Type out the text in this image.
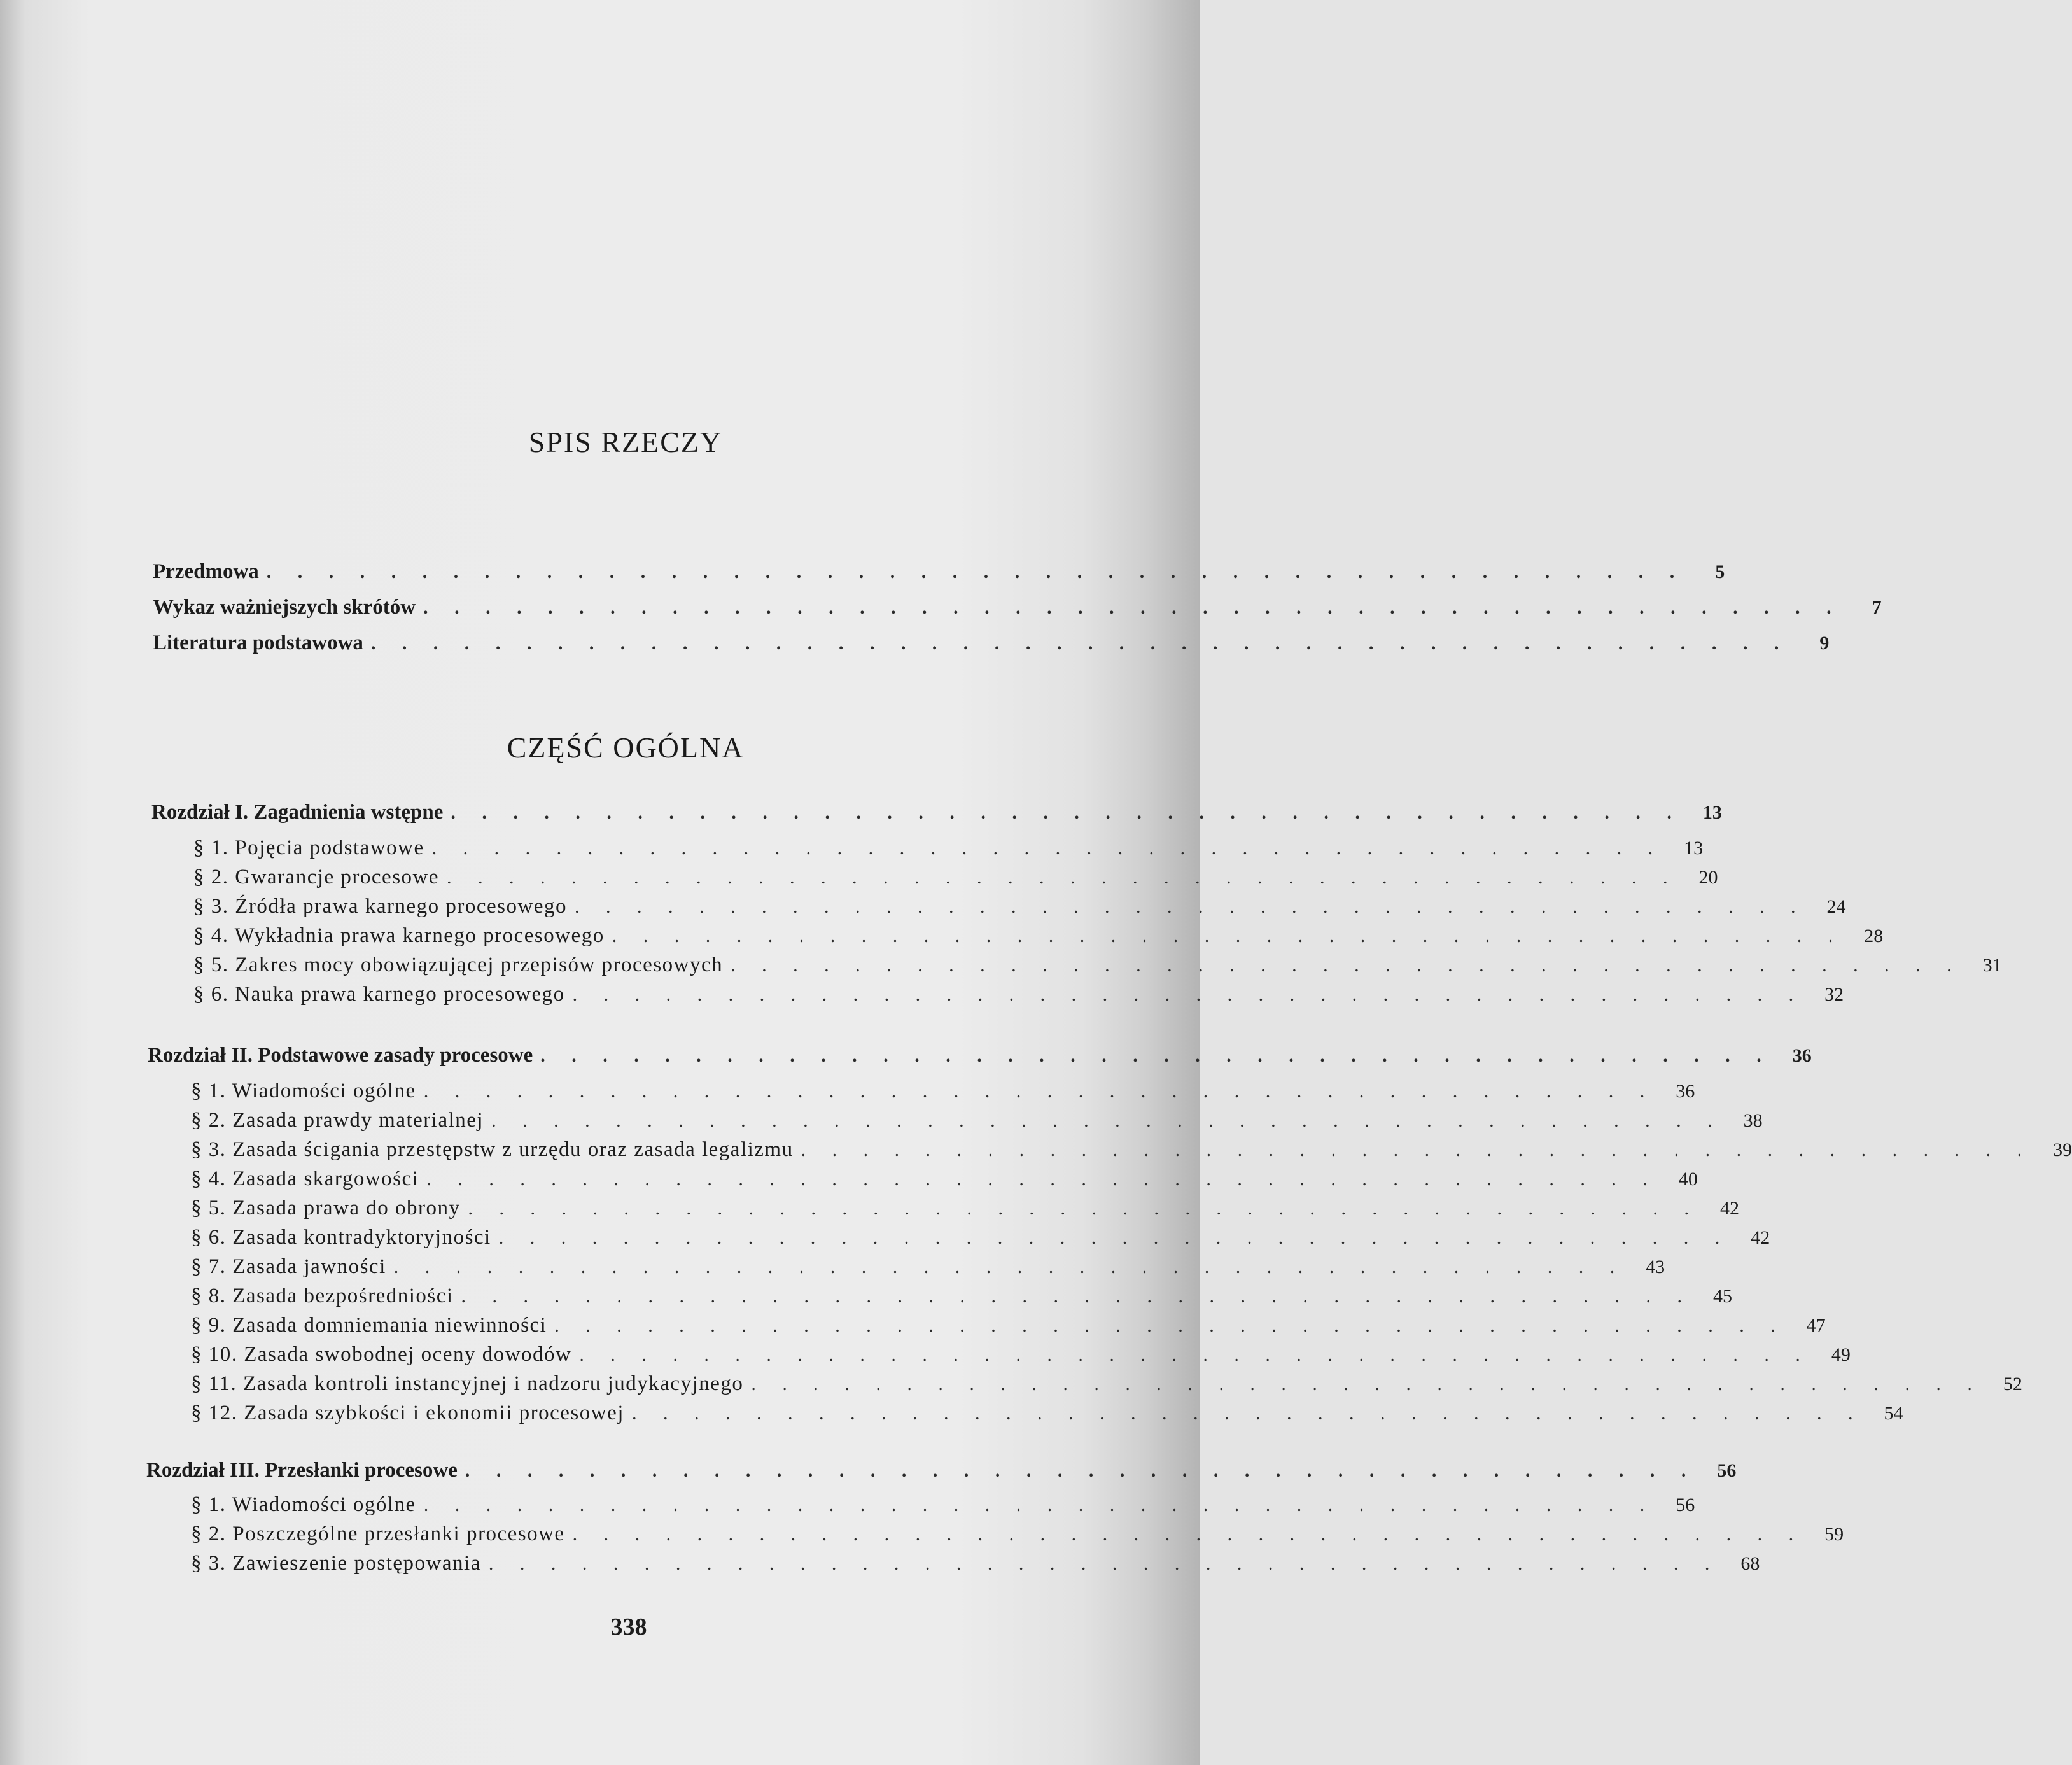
SPIS RZECZY
Przedmowa . . . . . . . . . . . . . . . . . . . . . . . . . . . . . . . . . . . . . . . . . . . . . .	5
Wykaz ważniejszych skrótów . . . . . . . . . . . . . . . . . . . . . . . . . . . . . . . . . . . . . . . . . . . . . .	7
Literatura podstawowa . . . . . . . . . . . . . . . . . . . . . . . . . . . . . . . . . . . . . . . . . . . . . .	9
CZĘŚĆ OGÓLNA
Rozdział I. Zagadnienia wstępne . . . . . . . . . . . . . . . . . . . . . . . . . . . . . . . . . . . . . . . .	13
§ 1. Pojęcia podstawowe . . . . . . . . . . . . . . . . . . . . . . . . . . . . . . . . . . . . . . . .	13
§ 2. Gwarancje procesowe . . . . . . . . . . . . . . . . . . . . . . . . . . . . . . . . . . . . . . . .	20
§ 3. Źródła prawa karnego procesowego . . . . . . . . . . . . . . . . . . . . . . . . . . . . . . . . . . . . . . . .	24
§ 4. Wykładnia prawa karnego procesowego . . . . . . . . . . . . . . . . . . . . . . . . . . . . . . . . . . . . . . . .	28
§ 5. Zakres mocy obowiązującej przepisów procesowych . . . . . . . . . . . . . . . . . . . . . . . . . . . . . . . . . . . . . . . .	31
§ 6. Nauka prawa karnego procesowego . . . . . . . . . . . . . . . . . . . . . . . . . . . . . . . . . . . . . . . .	32
Rozdział II. Podstawowe zasady procesowe . . . . . . . . . . . . . . . . . . . . . . . . . . . . . . . . . . . . . . . .	36
§ 1. Wiadomości ogólne . . . . . . . . . . . . . . . . . . . . . . . . . . . . . . . . . . . . . . . .	36
§ 2. Zasada prawdy materialnej . . . . . . . . . . . . . . . . . . . . . . . . . . . . . . . . . . . . . . . .	38
§ 3. Zasada ścigania przestępstw z urzędu oraz zasada legalizmu . . . . . . . . . . . . . . . . . . . . . . . . . . . . . . . . . . . . . . . .	39
§ 4. Zasada skargowości . . . . . . . . . . . . . . . . . . . . . . . . . . . . . . . . . . . . . . . .	40
§ 5. Zasada prawa do obrony . . . . . . . . . . . . . . . . . . . . . . . . . . . . . . . . . . . . . . . .	42
§ 6. Zasada kontradyktoryjności . . . . . . . . . . . . . . . . . . . . . . . . . . . . . . . . . . . . . . . .	42
§ 7. Zasada jawności . . . . . . . . . . . . . . . . . . . . . . . . . . . . . . . . . . . . . . . .	43
§ 8. Zasada bezpośredniości . . . . . . . . . . . . . . . . . . . . . . . . . . . . . . . . . . . . . . . .	45
§ 9. Zasada domniemania niewinności . . . . . . . . . . . . . . . . . . . . . . . . . . . . . . . . . . . . . . . .	47
§ 10. Zasada swobodnej oceny dowodów . . . . . . . . . . . . . . . . . . . . . . . . . . . . . . . . . . . . . . . .	49
§ 11. Zasada kontroli instancyjnej i nadzoru judykacyjnego . . . . . . . . . . . . . . . . . . . . . . . . . . . . . . . . . . . . . . . .	52
§ 12. Zasada szybkości i ekonomii procesowej . . . . . . . . . . . . . . . . . . . . . . . . . . . . . . . . . . . . . . . .	54
Rozdział III. Przesłanki procesowe . . . . . . . . . . . . . . . . . . . . . . . . . . . . . . . . . . . . . . . .	56
§ 1. Wiadomości ogólne . . . . . . . . . . . . . . . . . . . . . . . . . . . . . . . . . . . . . . . .	56
§ 2. Poszczególne przesłanki procesowe . . . . . . . . . . . . . . . . . . . . . . . . . . . . . . . . . . . . . . . .	59
§ 3. Zawieszenie postępowania . . . . . . . . . . . . . . . . . . . . . . . . . . . . . . . . . . . . . . . .	68
338
